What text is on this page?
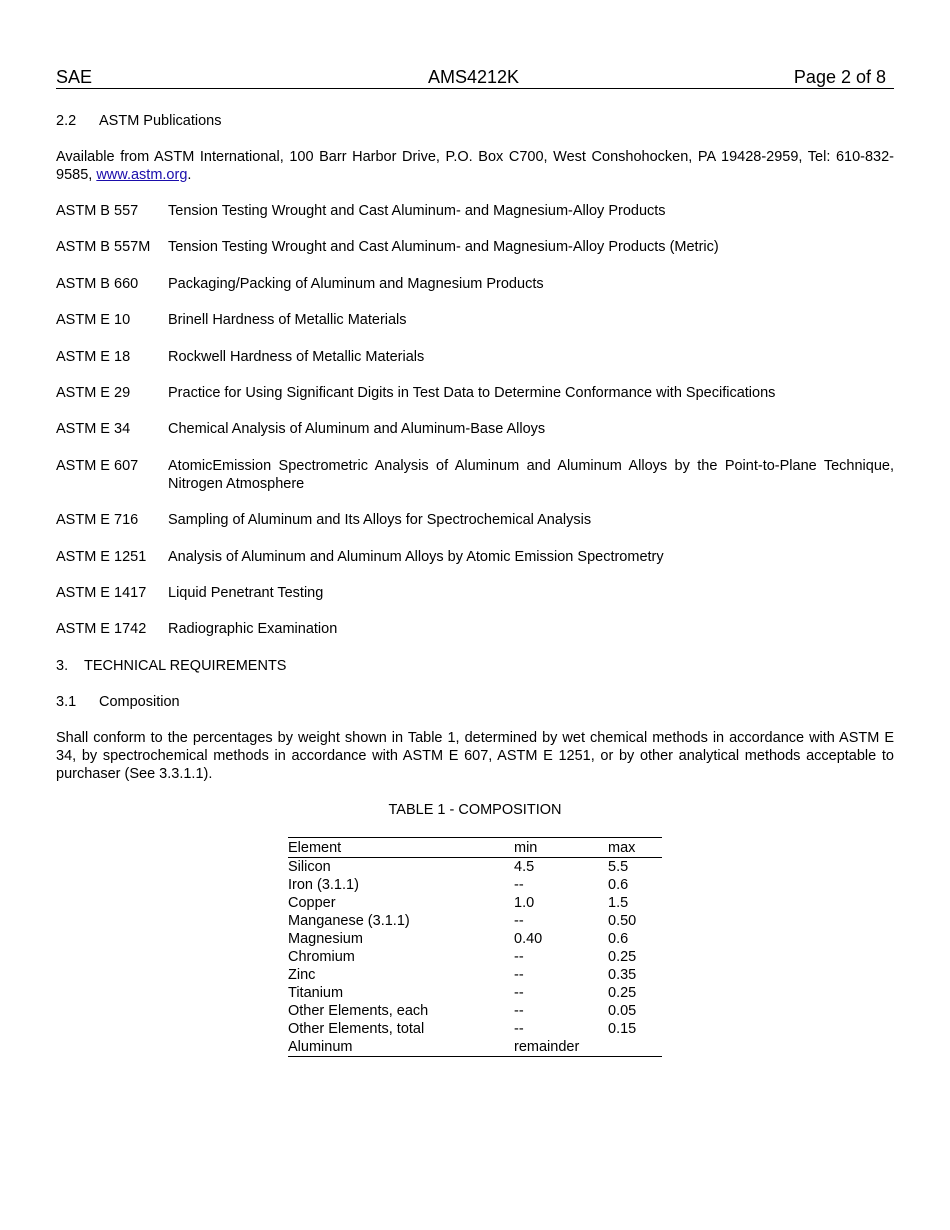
SAE	AMS4212K	Page 2 of 8
2.2 ASTM Publications
Available from ASTM International, 100 Barr Harbor Drive, P.O. Box C700, West Conshohocken, PA 19428-2959, Tel: 610-832-9585, www.astm.org.
ASTM B 557	Tension Testing Wrought and Cast Aluminum- and Magnesium-Alloy Products
ASTM B 557M	Tension Testing Wrought and Cast Aluminum- and Magnesium-Alloy Products (Metric)
ASTM B 660	Packaging/Packing of Aluminum and Magnesium Products
ASTM E 10	Brinell Hardness of Metallic Materials
ASTM E 18	Rockwell Hardness of Metallic Materials
ASTM E 29	Practice for Using Significant Digits in Test Data to Determine Conformance with Specifications
ASTM E 34	Chemical Analysis of Aluminum and Aluminum-Base Alloys
ASTM E 607	AtomicEmission Spectrometric Analysis of Aluminum and Aluminum Alloys by the Point-to-Plane Technique, Nitrogen Atmosphere
ASTM E 716	Sampling of Aluminum and Its Alloys for Spectrochemical Analysis
ASTM E 1251	Analysis of Aluminum and Aluminum Alloys by Atomic Emission Spectrometry
ASTM E 1417	Liquid Penetrant Testing
ASTM E 1742	Radiographic Examination
3. TECHNICAL REQUIREMENTS
3.1 Composition
Shall conform to the percentages by weight shown in Table 1, determined by wet chemical methods in accordance with ASTM E 34, by spectrochemical methods in accordance with ASTM E 607, ASTM E 1251, or by other analytical methods acceptable to purchaser (See 3.3.1.1).
TABLE 1 - COMPOSITION
Element	min	max
Silicon	4.5	5.5
Iron (3.1.1)	--	0.6
Copper	1.0	1.5
Manganese (3.1.1)	--	0.50
Magnesium	0.40	0.6
Chromium	--	0.25
Zinc	--	0.35
Titanium	--	0.25
Other Elements, each	--	0.05
Other Elements, total	--	0.15
Aluminum	remainder	
